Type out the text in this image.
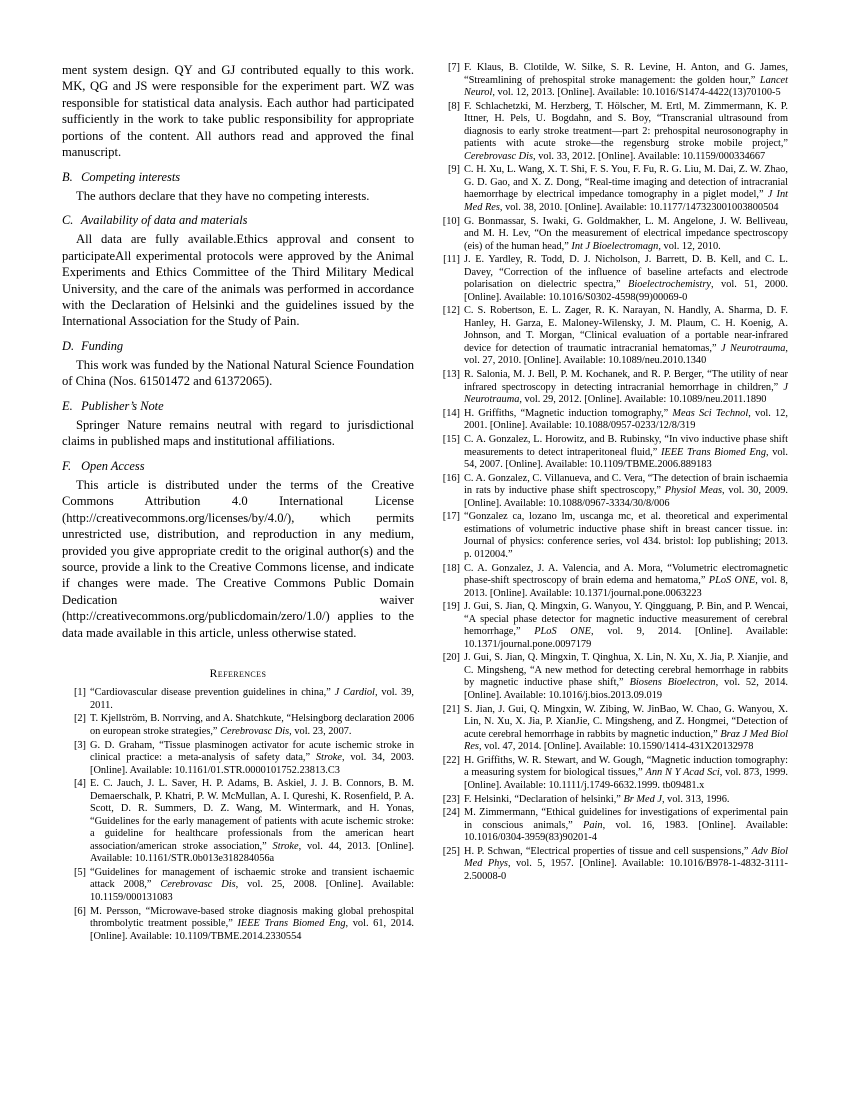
ment system design. QY and GJ contributed equally to this work. MK, QG and JS were responsible for the experiment part. WZ was responsible for statistical data analysis. Each author had participated sufficiently in the work to take public responsibility for appropriate portions of the content. All authors read and approved the final manuscript.

B. Competing interests

The authors declare that they have no competing interests.

C. Availability of data and materials

All data are fully available.Ethics approval and consent to participateAll experimental protocols were approved by the Animal Experiments and Ethics Committee of the Third Military Medical University, and the care of the animals was performed in accordance with the Declaration of Helsinki and the guidelines issued by the International Association for the Study of Pain.

D. Funding

This work was funded by the National Natural Science Foundation of China (Nos. 61501472 and 61372065).

E. Publisher’s Note

Springer Nature remains neutral with regard to jurisdictional claims in published maps and institutional affiliations.

F. Open Access

This article is distributed under the terms of the Creative Commons Attribution 4.0 International License (http://creativecommons.org/licenses/by/4.0/), which permits unrestricted use, distribution, and reproduction in any medium, provided you give appropriate credit to the original author(s) and the source, provide a link to the Creative Commons license, and indicate if changes were made. The Creative Commons Public Domain Dedication waiver (http://creativecommons.org/publicdomain/zero/1.0/) applies to the data made available in this article, unless otherwise stated.

References
[1] “Cardiovascular disease prevention guidelines in china,” J Cardiol, vol. 39, 2011.
[2] T. Kjellström, B. Norrving, and A. Shatchkute, “Helsingborg declaration 2006 on european stroke strategies,” Cerebrovasc Dis, vol. 23, 2007.
[3] G. D. Graham, “Tissue plasminogen activator for acute ischemic stroke in clinical practice: a meta-analysis of safety data,” Stroke, vol. 34, 2003. [Online]. Available: 10.1161/01.STR.0000101752.23813.C3
[4] E. C. Jauch, J. L. Saver, H. P. Adams, B. Askiel, J. J. B. Connors, B. M. Demaerschalk, P. Khatri, P. W. McMullan, A. I. Qureshi, K. Rosenfield, P. A. Scott, D. R. Summers, D. Z. Wang, M. Wintermark, and H. Yonas, “Guidelines for the early management of patients with acute ischemic stroke: a guideline for healthcare professionals from the american heart association/american stroke association,” Stroke, vol. 44, 2013. [Online]. Available: 10.1161/STR.0b013e318284056a
[5] “Guidelines for management of ischaemic stroke and transient ischaemic attack 2008,” Cerebrovasc Dis, vol. 25, 2008. [Online]. Available: 10.1159/000131083
[6] M. Persson, “Microwave-based stroke diagnosis making global prehospital thrombolytic treatment possible,” IEEE Trans Biomed Eng, vol. 61, 2014. [Online]. Available: 10.1109/TBME.2014.2330554
[7] F. Klaus, B. Clotilde, W. Silke, S. R. Levine, H. Anton, and G. James, “Streamlining of prehospital stroke management: the golden hour,” Lancet Neurol, vol. 12, 2013. [Online]. Available: 10.1016/S1474-4422(13)70100-5
[8] F. Schlachetzki, M. Herzberg, T. Hölscher, M. Ertl, M. Zimmermann, K. P. Ittner, H. Pels, U. Bogdahn, and S. Boy, “Transcranial ultrasound from diagnosis to early stroke treatment—part 2: prehospital neurosonography in patients with acute stroke—the regensburg stroke mobile project,” Cerebrovasc Dis, vol. 33, 2012. [Online]. Available: 10.1159/000334667
[9] C. H. Xu, L. Wang, X. T. Shi, F. S. You, F. Fu, R. G. Liu, M. Dai, Z. W. Zhao, G. D. Gao, and X. Z. Dong, “Real-time imaging and detection of intracranial haemorrhage by electrical impedance tomography in a piglet model,” J Int Med Res, vol. 38, 2010. [Online]. Available: 10.1177/147323001003800504
[10] G. Bonmassar, S. Iwaki, G. Goldmakher, L. M. Angelone, J. W. Belliveau, and M. H. Lev, “On the measurement of electrical impedance spectroscopy (eis) of the human head,” Int J Bioelectromagn, vol. 12, 2010.
[11] J. E. Yardley, R. Todd, D. J. Nicholson, J. Barrett, D. B. Kell, and C. L. Davey, “Correction of the influence of baseline artefacts and electrode polarisation on dielectric spectra,” Bioelectrochemistry, vol. 51, 2000. [Online]. Available: 10.1016/S0302-4598(99)00069-0
[12] C. S. Robertson, E. L. Zager, R. K. Narayan, N. Handly, A. Sharma, D. F. Hanley, H. Garza, E. Maloney-Wilensky, J. M. Plaum, C. H. Koenig, A. Johnson, and T. Morgan, “Clinical evaluation of a portable near-infrared device for detection of traumatic intracranial hematomas,” J Neurotrauma, vol. 27, 2010. [Online]. Available: 10.1089/neu.2010.1340
[13] R. Salonia, M. J. Bell, P. M. Kochanek, and R. P. Berger, “The utility of near infrared spectroscopy in detecting intracranial hemorrhage in children,” J Neurotrauma, vol. 29, 2012. [Online]. Available: 10.1089/neu.2011.1890
[14] H. Griffiths, “Magnetic induction tomography,” Meas Sci Technol, vol. 12, 2001. [Online]. Available: 10.1088/0957-0233/12/8/319
[15] C. A. Gonzalez, L. Horowitz, and B. Rubinsky, “In vivo inductive phase shift measurements to detect intraperitoneal fluid,” IEEE Trans Biomed Eng, vol. 54, 2007. [Online]. Available: 10.1109/TBME.2006.889183
[16] C. A. Gonzalez, C. Villanueva, and C. Vera, “The detection of brain ischaemia in rats by inductive phase shift spectroscopy,” Physiol Meas, vol. 30, 2009. [Online]. Available: 10.1088/0967-3334/30/8/006
[17] “Gonzalez ca, lozano lm, uscanga mc, et al. theoretical and experimental estimations of volumetric inductive phase shift in breast cancer tissue. in: Journal of physics: conference series, vol 434. bristol: Iop publishing; 2013. p. 012004.”
[18] C. A. Gonzalez, J. A. Valencia, and A. Mora, “Volumetric electromagnetic phase-shift spectroscopy of brain edema and hematoma,” PLoS ONE, vol. 8, 2013. [Online]. Available: 10.1371/journal.pone.0063223
[19] J. Gui, S. Jian, Q. Mingxin, G. Wanyou, Y. Qingguang, P. Bin, and P. Wencai, “A special phase detector for magnetic inductive measurement of cerebral hemorrhage,” PLoS ONE, vol. 9, 2014. [Online]. Available: 10.1371/journal.pone.0097179
[20] J. Gui, S. Jian, Q. Mingxin, T. Qinghua, X. Lin, N. Xu, X. Jia, P. Xianjie, and C. Mingsheng, “A new method for detecting cerebral hemorrhage in rabbits by magnetic inductive phase shift,” Biosens Bioelectron, vol. 52, 2014. [Online]. Available: 10.1016/j.bios.2013.09.019
[21] S. Jian, J. Gui, Q. Mingxin, W. Zibing, W. JinBao, W. Chao, G. Wanyou, X. Lin, N. Xu, X. Jia, P. XianJie, C. Mingsheng, and Z. Hongmei, “Detection of acute cerebral hemorrhage in rabbits by magnetic induction,” Braz J Med Biol Res, vol. 47, 2014. [Online]. Available: 10.1590/1414-431X20132978
[22] H. Griffiths, W. R. Stewart, and W. Gough, “Magnetic induction tomography: a measuring system for biological tissues,” Ann N Y Acad Sci, vol. 873, 1999. [Online]. Available: 10.1111/j.1749-6632.1999. tb09481.x
[23] F. Helsinki, “Declaration of helsinki,” Br Med J, vol. 313, 1996.
[24] M. Zimmermann, “Ethical guidelines for investigations of experimental pain in conscious animals,” Pain, vol. 16, 1983. [Online]. Available: 10.1016/0304-3959(83)90201-4
[25] H. P. Schwan, “Electrical properties of tissue and cell suspensions,” Adv Biol Med Phys, vol. 5, 1957. [Online]. Available: 10.1016/B978-1-4832-3111-2.50008-0
